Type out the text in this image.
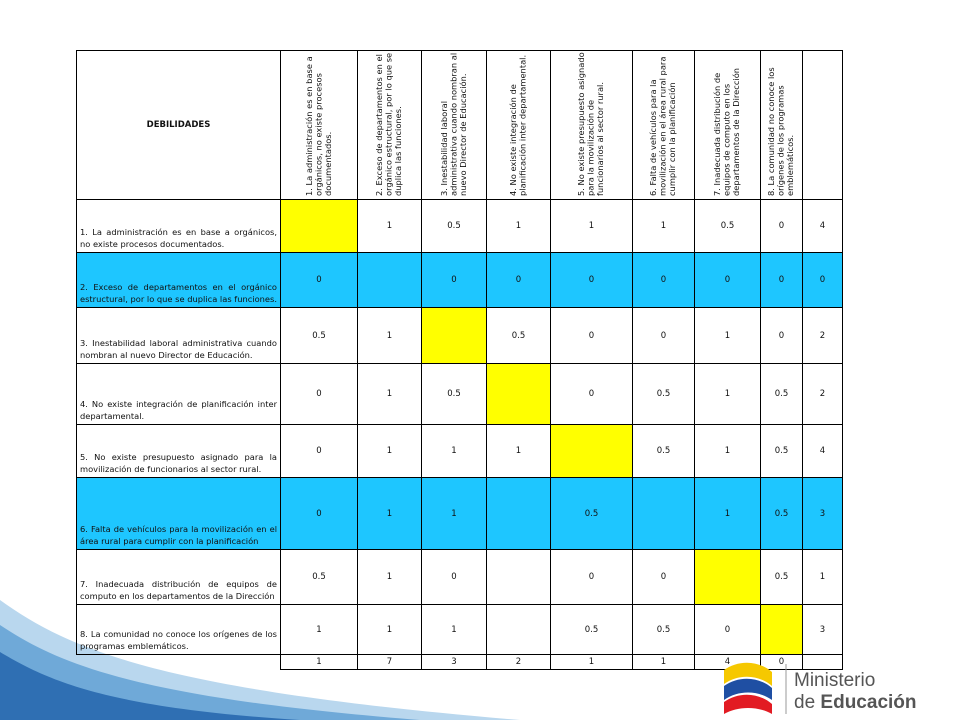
DEBILIDADES	1. La administración es en base a orgánicos, no existe procesos documentados.	2. Exceso de departamentos en el orgánico estructural, por lo que se duplica las funciones.	3. Inestabilidad laboral administrativa cuando nombran al nuevo Director de Educación.	4. No existe integración de planificación inter departamental.	5. No existe presupuesto asignado para la movilización de funcionarios al sector rural.	6. Falta de vehículos para la movilización en el área rural para cumplir con la planificación	7. Inadecuada distribución de equipos de computo en los departamentos de la Dirección	8. La comunidad no conoce los orígenes de los programas emblemáticos.	
1. La administración es en base a orgánicos, no existe procesos documentados.		1	0.5	1	1	1	0.5	0	4
2. Exceso de departamentos en el orgánico estructural, por lo que se duplica las funciones.	0		0	0	0	0	0	0	0
3. Inestabilidad laboral administrativa cuando nombran al nuevo Director de Educación.	0.5	1		0.5	0	0	1	0	2
4. No existe integración de planificación inter departamental.	0	1	0.5		0	0.5	1	0.5	2
5. No existe presupuesto asignado para la movilización de funcionarios al sector rural.	0	1	1	1		0.5	1	0.5	4
6. Falta de vehículos para la movilización en el área rural para cumplir con la planificación	0	1	1		0.5		1	0.5	3
7. Inadecuada distribución de equipos de computo en los departamentos de la Dirección	0.5	1	0		0	0		0.5	1
8. La comunidad no conoce los orígenes de los programas emblemáticos.	1	1	1		0.5	0.5	0		3
	1	7	3	2	1	1	4	0	
Ministerio
de Educación
